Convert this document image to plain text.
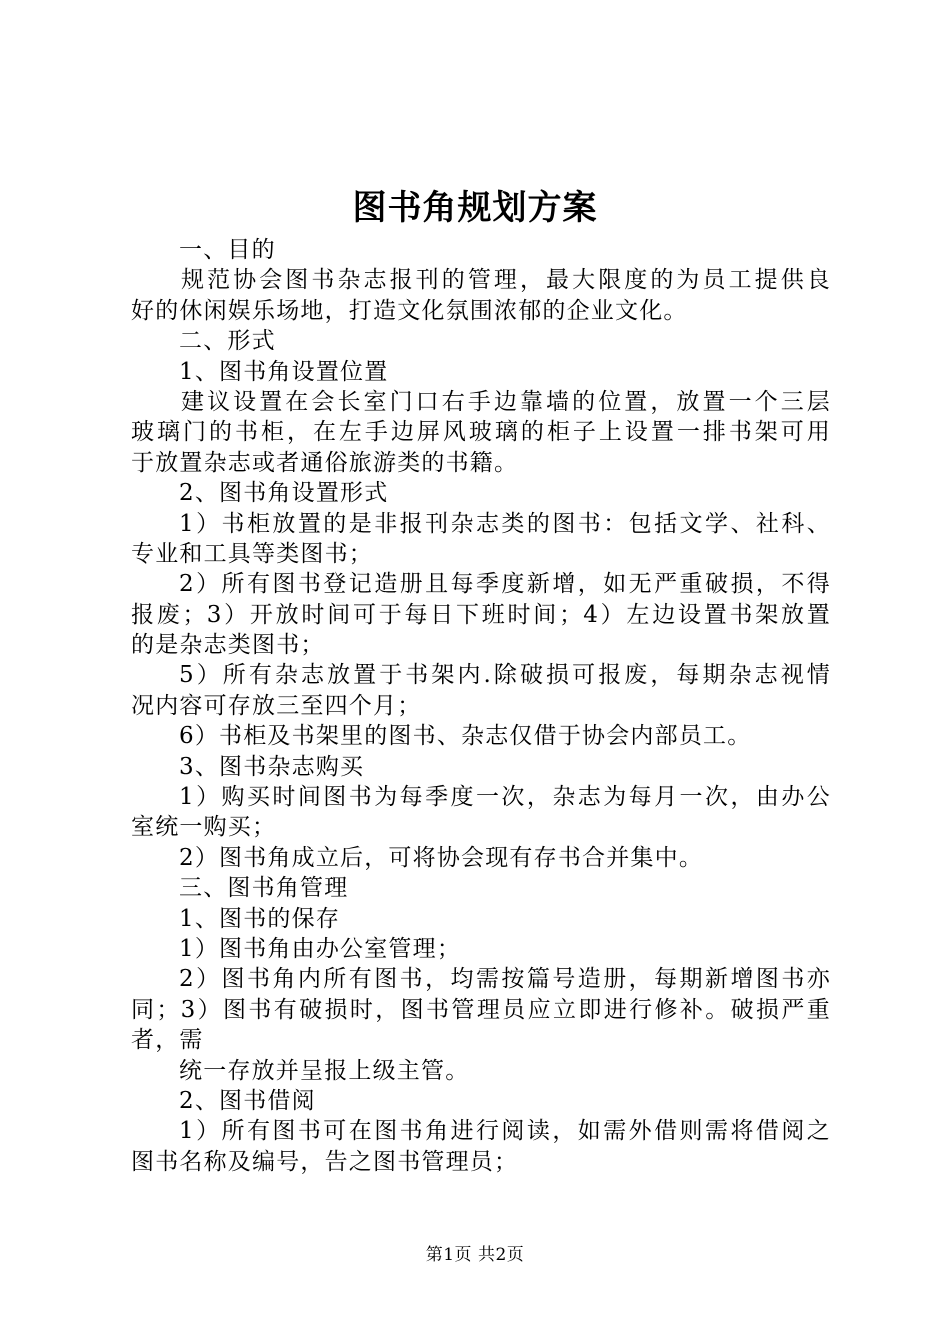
图书角规划方案
一、目的
规范协会图书杂志报刊的管理，最大限度的为员工提供良
好的休闲娱乐场地，打造文化氛围浓郁的企业文化。
二、形式
1、图书角设置位置
建议设置在会长室门口右手边靠墙的位置，放置一个三层
玻璃门的书柜，在左手边屏风玻璃的柜子上设置一排书架可用
于放置杂志或者通俗旅游类的书籍。
2、图书角设置形式
1）书柜放置的是非报刊杂志类的图书：包括文学、社科、
专业和工具等类图书；
2）所有图书登记造册且每季度新增，如无严重破损，不得
报废；3）开放时间可于每日下班时间；4）左边设置书架放置
的是杂志类图书；
5）所有杂志放置于书架内.除破损可报废，每期杂志视情
况内容可存放三至四个月；
6）书柜及书架里的图书、杂志仅借于协会内部员工。
3、图书杂志购买
1）购买时间图书为每季度一次，杂志为每月一次，由办公
室统一购买；
2）图书角成立后，可将协会现有存书合并集中。
三、图书角管理
1、图书的保存
1）图书角由办公室管理；
2）图书角内所有图书，均需按篇号造册，每期新增图书亦
同；3）图书有破损时，图书管理员应立即进行修补。破损严重
者，需
统一存放并呈报上级主管。
2、图书借阅
1）所有图书可在图书角进行阅读，如需外借则需将借阅之
图书名称及编号，告之图书管理员；
第1页 共2页
